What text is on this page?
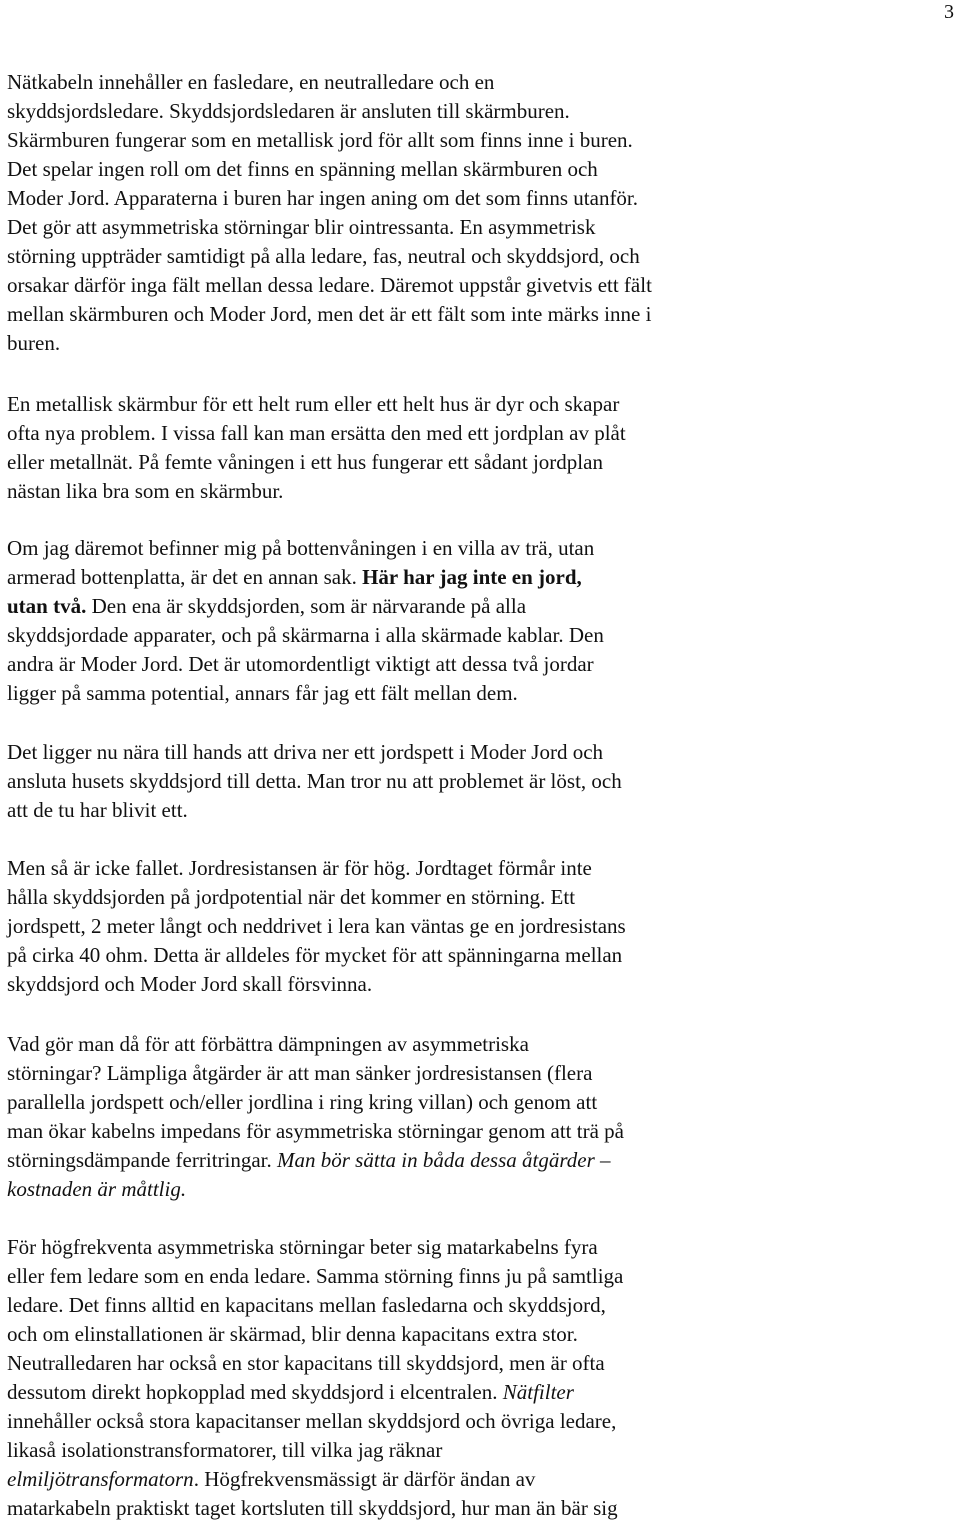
3
Nätkabeln innehåller en fasledare, en neutralledare och en
skyddsjordsledare. Skyddsjordsledaren är ansluten till skärmburen.
Skärmburen fungerar som en metallisk jord för allt som finns inne i buren.
Det spelar ingen roll om det finns en spänning mellan skärmburen och
Moder Jord. Apparaterna i buren har ingen aning om det som finns utanför.
Det gör att asymmetriska störningar blir ointressanta. En asymmetrisk
störning uppträder samtidigt på alla ledare, fas, neutral och skyddsjord, och
orsakar därför inga fält mellan dessa ledare. Däremot uppstår givetvis ett fält
mellan skärmburen och Moder Jord, men det är ett fält som inte märks inne i
buren.
En metallisk skärmbur för ett helt rum eller ett helt hus är dyr och skapar
ofta nya problem. I vissa fall kan man ersätta den med ett jordplan av plåt
eller metallnät. På femte våningen i ett hus fungerar ett sådant jordplan
nästan lika bra som en skärmbur.
Om jag däremot befinner mig på bottenvåningen i en villa av trä, utan
armerad bottenplatta, är det en annan sak. Här har jag inte en jord,
utan två. Den ena är skyddsjorden, som är närvarande på alla
skyddsjordade apparater, och på skärmarna i alla skärmade kablar. Den
andra är Moder Jord. Det är utomordentligt viktigt att dessa två jordar
ligger på samma potential, annars får jag ett fält mellan dem.
Det ligger nu nära till hands att driva ner ett jordspett i Moder Jord och
ansluta husets skyddsjord till detta. Man tror nu att problemet är löst, och
att de tu har blivit ett.
Men så är icke fallet. Jordresistansen är för hög. Jordtaget förmår inte
hålla skyddsjorden på jordpotential när det kommer en störning. Ett
jordspett, 2 meter långt och neddrivet i lera kan väntas ge en jordresistans
på cirka 40 ohm. Detta är alldeles för mycket för att spänningarna mellan
skyddsjord och Moder Jord skall försvinna.
Vad gör man då för att förbättra dämpningen av asymmetriska
störningar? Lämpliga åtgärder är att man sänker jordresistansen (flera
parallella jordspett och/eller jordlina i ring kring villan) och genom att
man ökar kabelns impedans för asymmetriska störningar genom att trä på
störningsdämpande ferritringar. Man bör sätta in båda dessa åtgärder –
kostnaden är måttlig.
För högfrekventa asymmetriska störningar beter sig matarkabelns fyra
eller fem ledare som en enda ledare. Samma störning finns ju på samtliga
ledare. Det finns alltid en kapacitans mellan fasledarna och skyddsjord,
och om elinstallationen är skärmad, blir denna kapacitans extra stor.
Neutralledaren har också en stor kapacitans till skyddsjord, men är ofta
dessutom direkt hopkopplad med skyddsjord i elcentralen. Nätfilter
innehåller också stora kapacitanser mellan skyddsjord och övriga ledare,
likaså isolationstransformatorer, till vilka jag räknar
elmiljötransformatorn. Högfrekvensmässigt är därför ändan av
matarkabeln praktiskt taget kortsluten till skyddsjord, hur man än bär sig
